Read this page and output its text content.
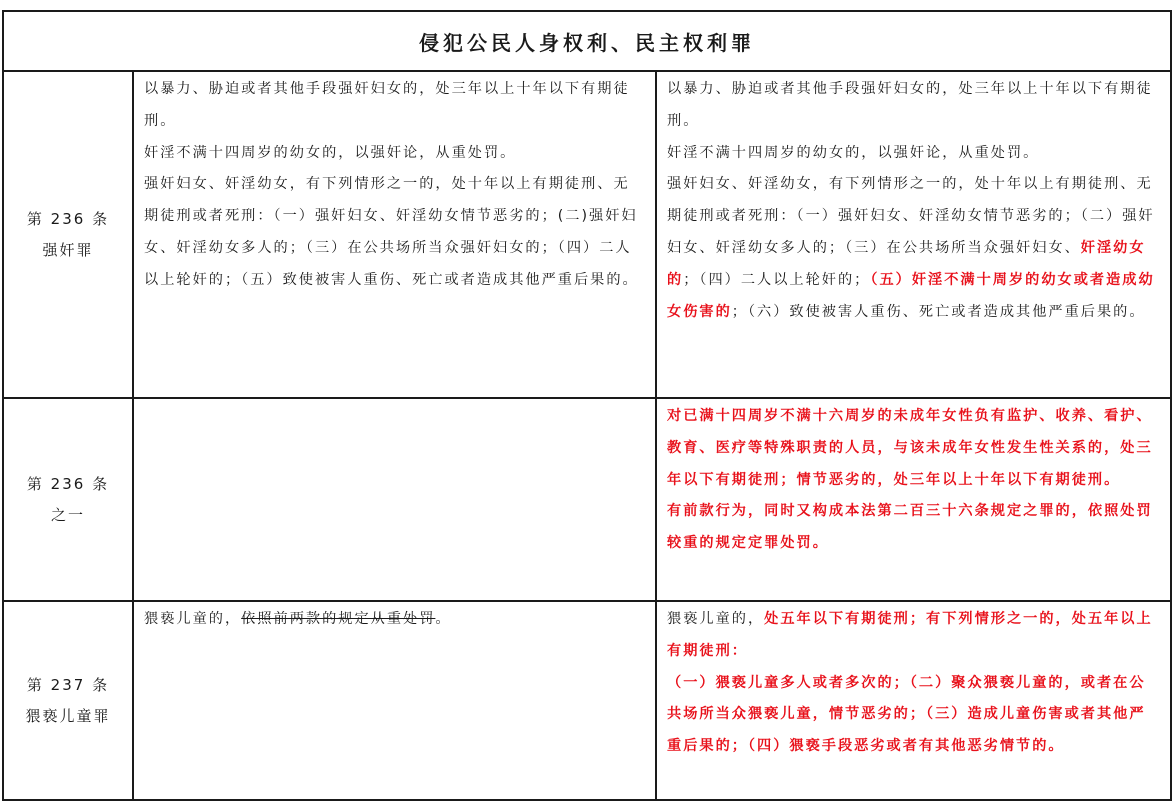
侵犯公民人身权利、民主权利罪
第 236 条
强奸罪

以暴力、胁迫或者其他手段强奸妇女的，处三年以上十年以下有期徒刑。

奸淫不满十四周岁的幼女的，以强奸论，从重处罚。

强奸妇女、奸淫幼女，有下列情形之一的，处十年以上有期徒刑、无期徒刑或者死刑：（一）强奸妇女、奸淫幼女情节恶劣的；(二)强奸妇女、奸淫幼女多人的；（三）在公共场所当众强奸妇女的；（四）二人以上轮奸的；（五）致使被害人重伤、死亡或者造成其他严重后果的。

以暴力、胁迫或者其他手段强奸妇女的，处三年以上十年以下有期徒刑。

奸淫不满十四周岁的幼女的，以强奸论，从重处罚。

强奸妇女、奸淫幼女，有下列情形之一的，处十年以上有期徒刑、无期徒刑或者死刑：（一）强奸妇女、奸淫幼女情节恶劣的；（二）强奸妇女、奸淫幼女多人的；（三）在公共场所当众强奸妇女、奸淫幼女的；（四）二人以上轮奸的；（五）奸淫不满十周岁的幼女或者造成幼女伤害的；（六）致使被害人重伤、死亡或者造成其他严重后果的。

第 236 条
之一

对已满十四周岁不满十六周岁的未成年女性负有监护、收养、看护、教育、医疗等特殊职责的人员，与该未成年女性发生性关系的，处三年以下有期徒刑；情节恶劣的，处三年以上十年以下有期徒刑。

有前款行为，同时又构成本法第二百三十六条规定之罪的，依照处罚较重的规定定罪处罚。

第 237 条
猥亵儿童罪

猥亵儿童的，依照前两款的规定从重处罚。	猥亵儿童的，处五年以下有期徒刑；有下列情形之一的，处五年以上有期徒刑：

（一）猥亵儿童多人或者多次的；（二）聚众猥亵儿童的，或者在公共场所当众猥亵儿童，情节恶劣的；（三）造成儿童伤害或者其他严重后果的；（四）猥亵手段恶劣或者有其他恶劣情节的。
